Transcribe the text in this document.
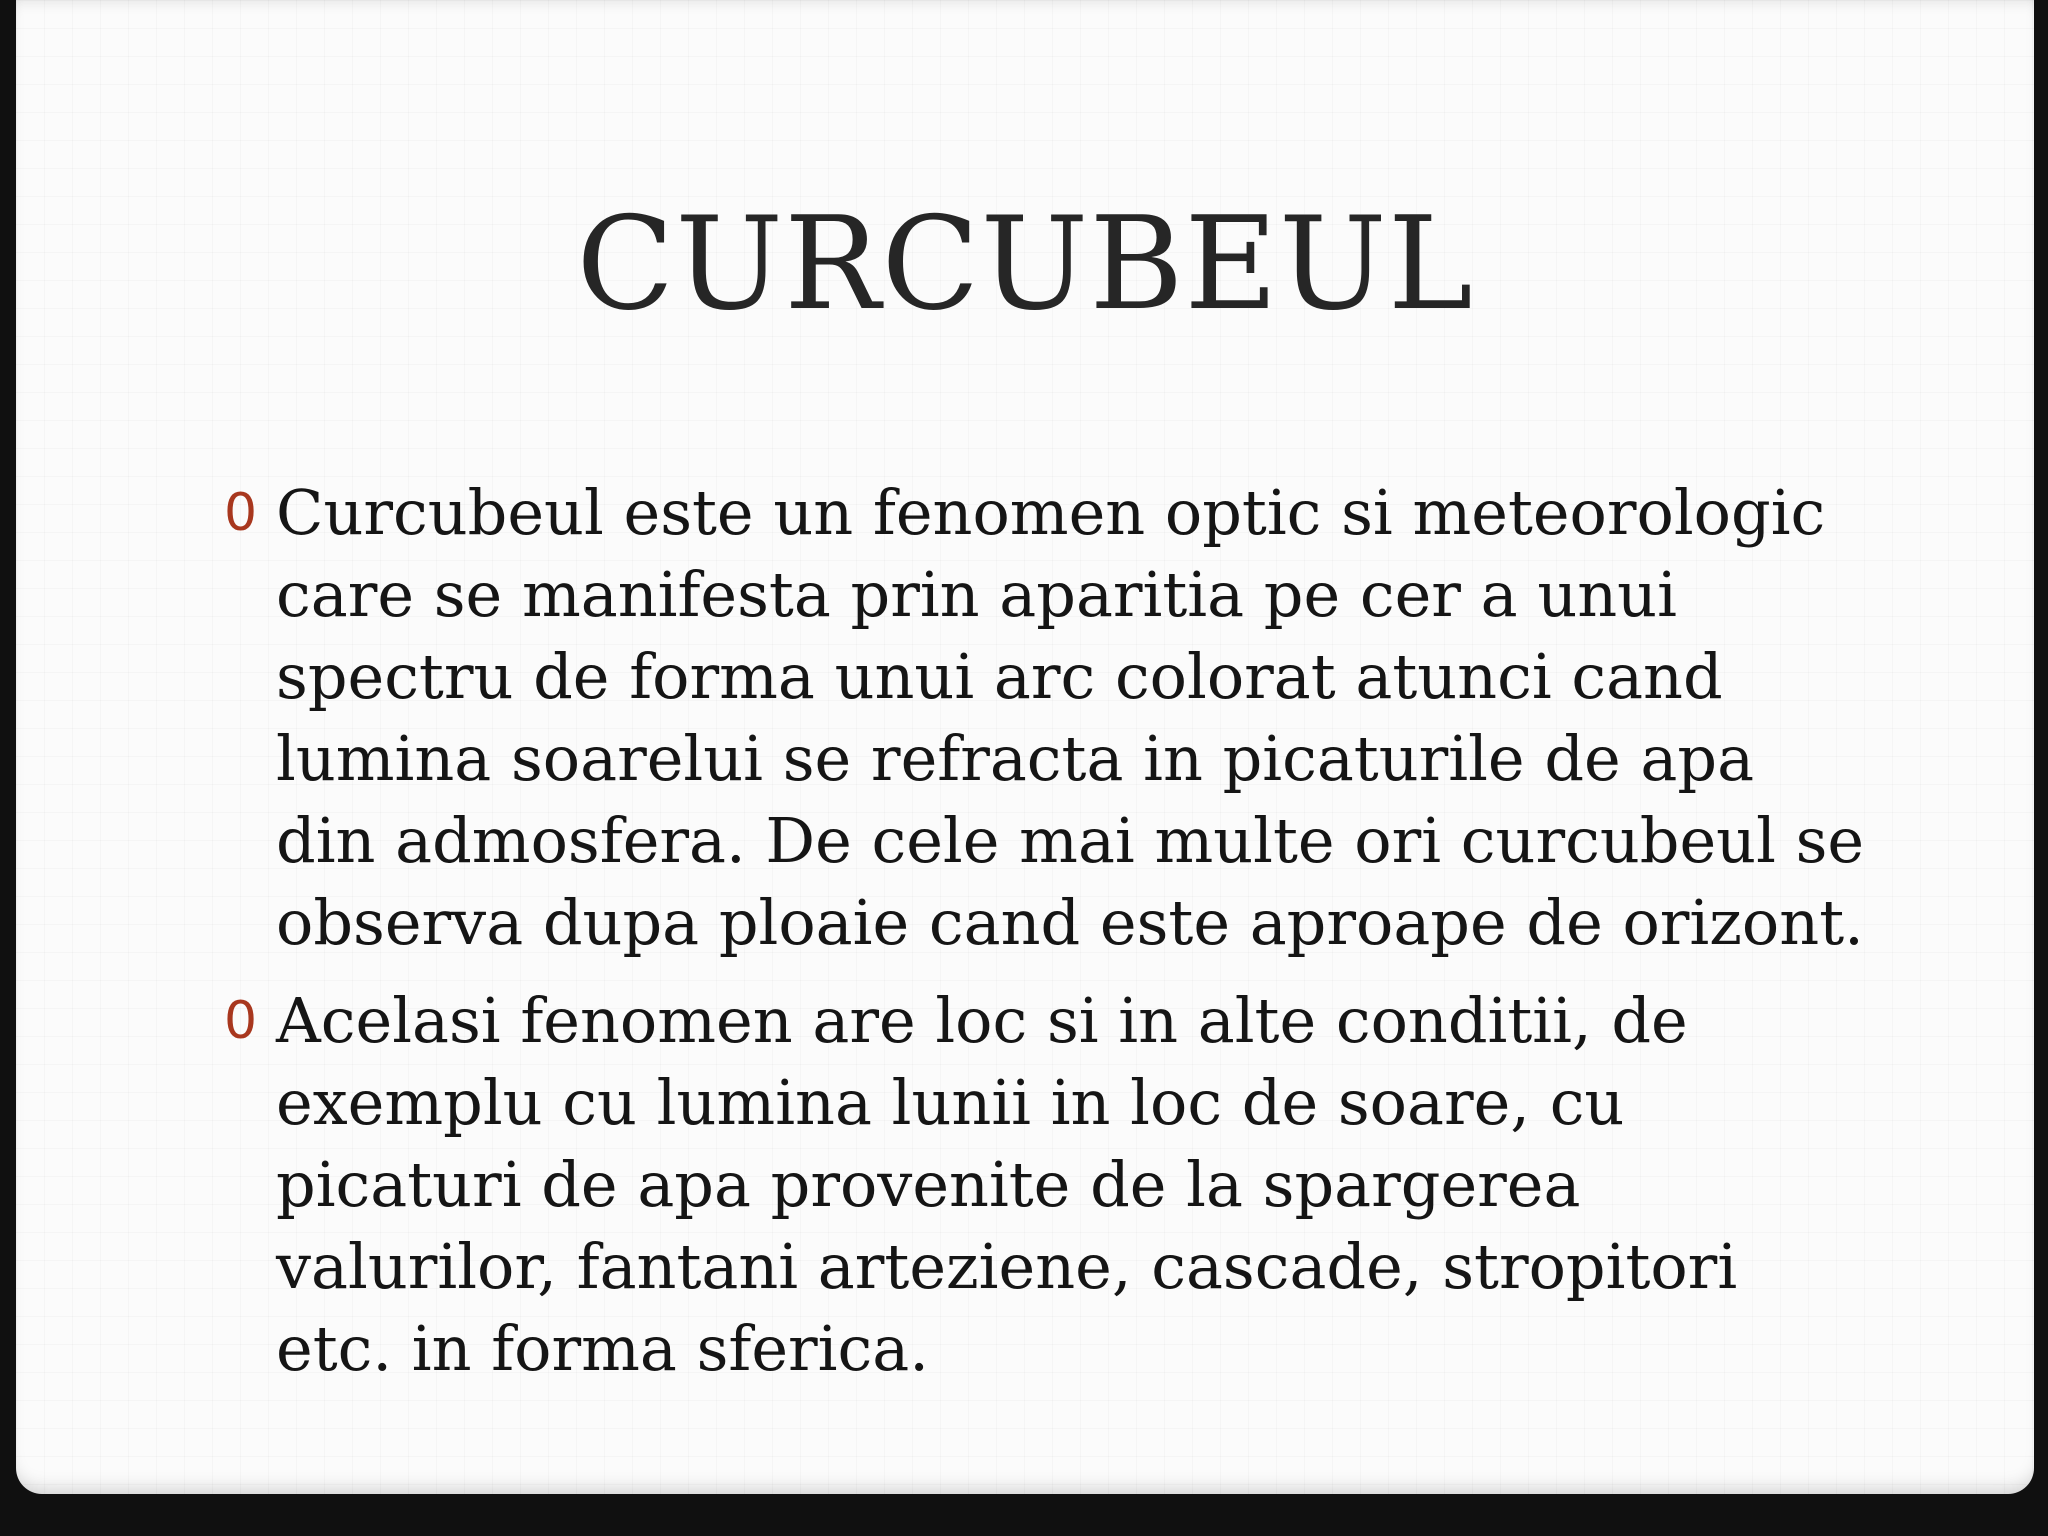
CURCUBEUL
0 Curcubeul este un fenomen optic si meteorologic care se manifesta prin aparitia pe cer a unui spectru de forma unui arc colorat atunci cand lumina soarelui se refracta in picaturile de apa din admosfera. De cele mai multe ori curcubeul se observa dupa ploaie cand este aproape de orizont.
0 Acelasi fenomen are loc si in alte conditii, de exemplu cu lumina lunii in loc de soare, cu picaturi de apa provenite de la spargerea valurilor, fantani arteziene, cascade, stropitori etc. in forma sferica.
